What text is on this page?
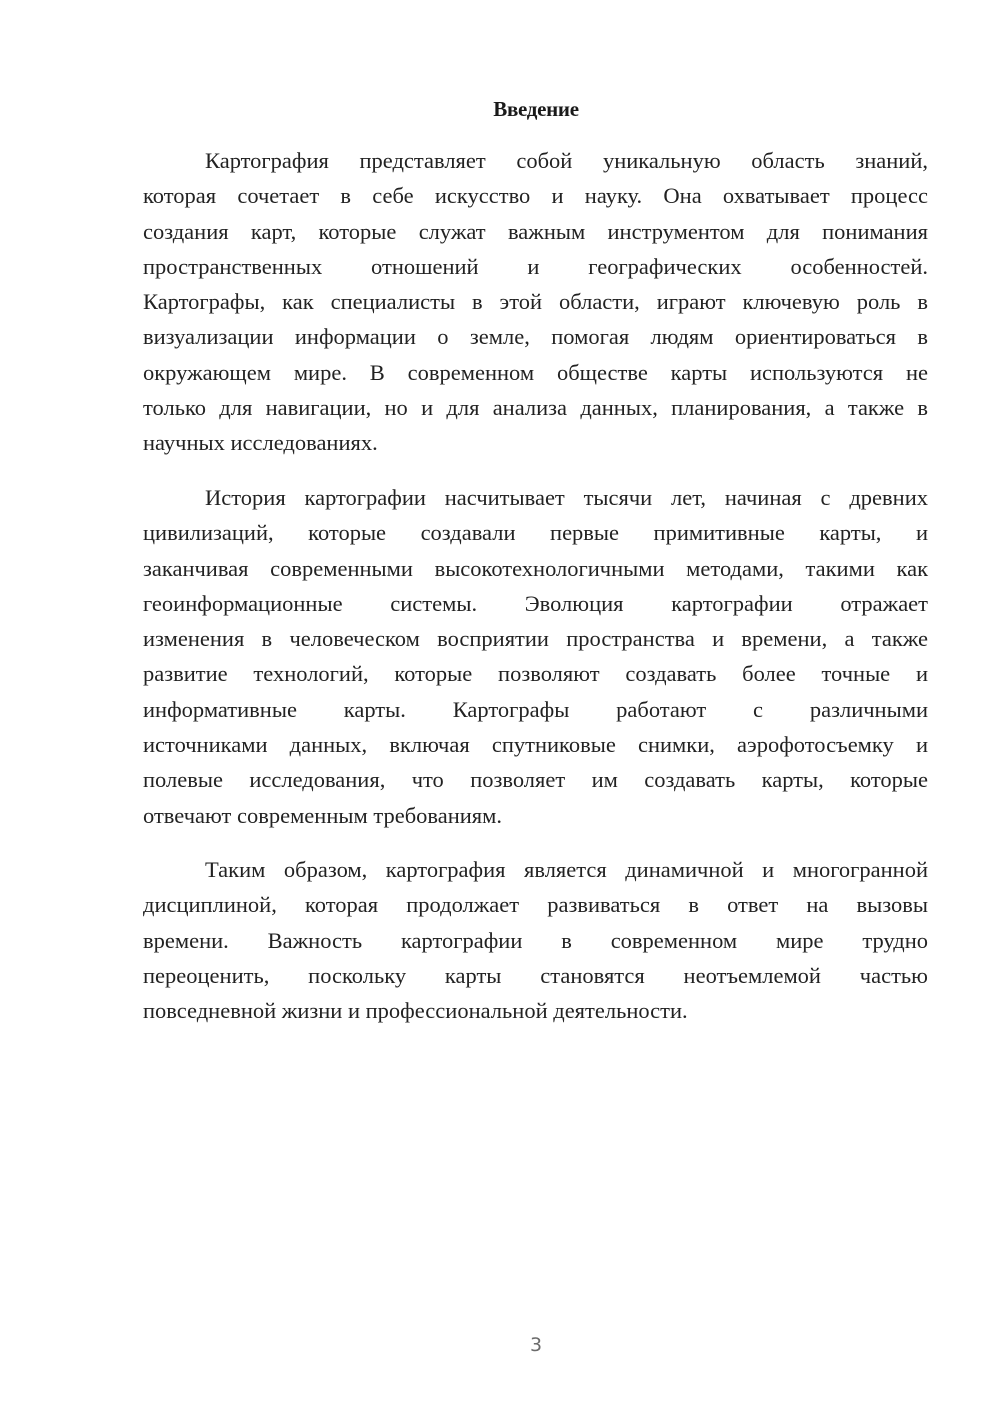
Введение
Картография представляет собой уникальную область знаний,
которая сочетает в себе искусство и науку. Она охватывает процесс
создания карт, которые служат важным инструментом для понимания
пространственных отношений и географических особенностей.
Картографы, как специалисты в этой области, играют ключевую роль в
визуализации информации о земле, помогая людям ориентироваться в
окружающем мире. В современном обществе карты используются не
только для навигации, но и для анализа данных, планирования, а также в
научных исследованиях.
История картографии насчитывает тысячи лет, начиная с древних
цивилизаций, которые создавали первые примитивные карты, и
заканчивая современными высокотехнологичными методами, такими как
геоинформационные системы. Эволюция картографии отражает
изменения в человеческом восприятии пространства и времени, а также
развитие технологий, которые позволяют создавать более точные и
информативные карты. Картографы работают с различными
источниками данных, включая спутниковые снимки, аэрофотосъемку и
полевые исследования, что позволяет им создавать карты, которые
отвечают современным требованиям.
Таким образом, картография является динамичной и многогранной
дисциплиной, которая продолжает развиваться в ответ на вызовы
времени. Важность картографии в современном мире трудно
переоценить, поскольку карты становятся неотъемлемой частью
повседневной жизни и профессиональной деятельности.
3
